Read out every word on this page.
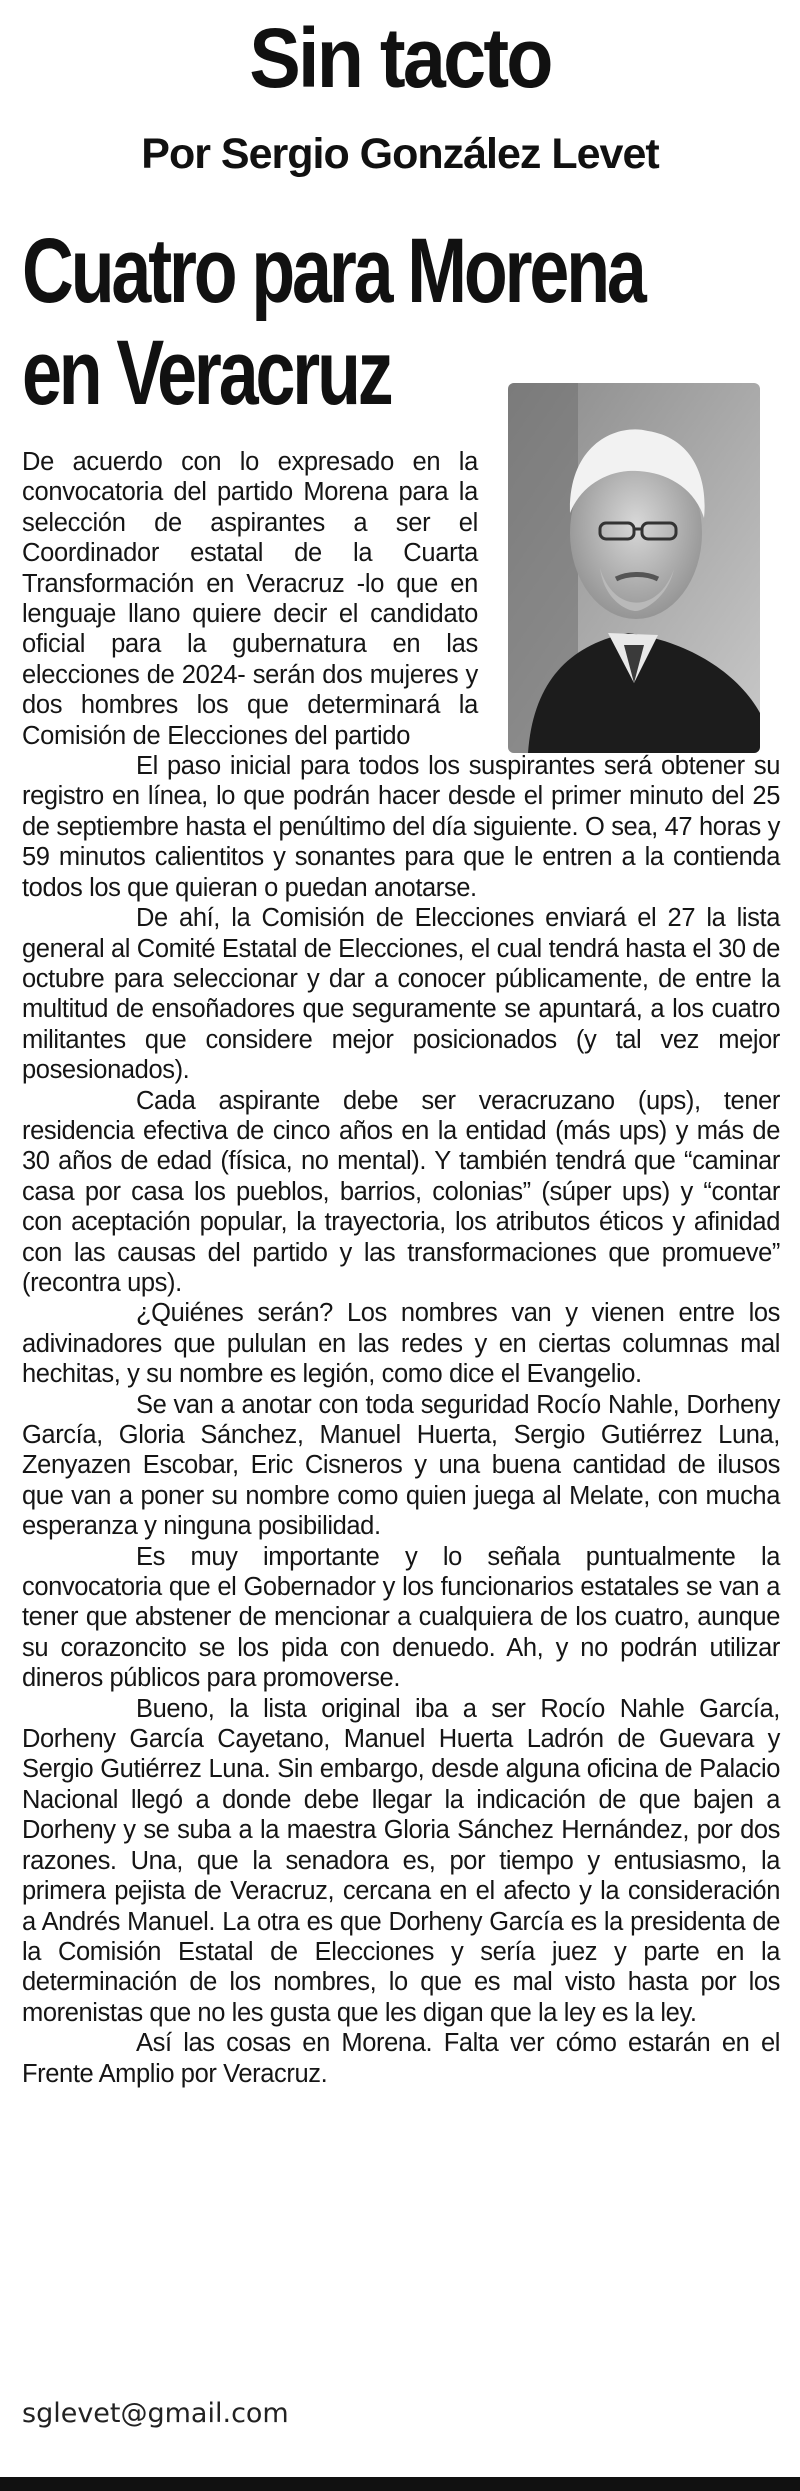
Sin tacto
Por Sergio González Levet
Cuatro para Morena
en Veracruz

De acuerdo con lo expresado en la convocatoria del partido Morena para la selección de aspirantes a ser el Coordinador estatal de la Cuarta Transformación en Veracruz -lo que en lenguaje llano quiere decir el candidato oficial para la gubernatura en las elecciones de 2024- serán dos mujeres y dos hombres los que determinará la Comisión de Elecciones del partido

El paso inicial para todos los suspirantes será obtener su registro en línea, lo que podrán hacer desde el primer minuto del 25 de septiembre hasta el penúltimo del día siguiente. O sea, 47 horas y 59 minutos calientitos y sonantes para que le entren a la contienda todos los que quieran o puedan anotarse.

De ahí, la Comisión de Elecciones enviará el 27 la lista general al Comité Estatal de Elecciones, el cual tendrá hasta el 30 de octubre para seleccionar y dar a conocer públicamente, de entre la multitud de ensoñadores que seguramente se apuntará, a los cuatro militantes que considere mejor posicionados (y tal vez mejor posesionados).

Cada aspirante debe ser veracruzano (ups), tener residencia efectiva de cinco años en la entidad (más ups) y más de 30 años de edad (física, no mental). Y también tendrá que “caminar casa por casa los pueblos, barrios, colonias” (súper ups) y “contar con aceptación popular, la trayectoria, los atributos éticos y afinidad con las causas del partido y las transformaciones que promueve” (recontra ups).

¿Quiénes serán? Los nombres van y vienen entre los adivinadores que pululan en las redes y en ciertas columnas mal hechitas, y su nombre es legión, como dice el Evangelio.

Se van a anotar con toda seguridad Rocío Nahle, Dorheny García, Gloria Sánchez, Manuel Huerta, Sergio Gutiérrez Luna, Zenyazen Escobar, Eric Cisneros y una buena cantidad de ilusos que van a poner su nombre como quien juega al Melate, con mucha esperanza y ninguna posibilidad.

Es muy importante y lo señala puntualmente la convocatoria que el Gobernador y los funcionarios estatales se van a tener que abstener de mencionar a cualquiera de los cuatro, aunque su corazoncito se los pida con denuedo. Ah, y no podrán utilizar dineros públicos para promoverse.

Bueno, la lista original iba a ser Rocío Nahle García, Dorheny García Cayetano, Manuel Huerta Ladrón de Guevara y Sergio Gutiérrez Luna. Sin embargo, desde alguna oficina de Palacio Nacional llegó a donde debe llegar la indicación de que bajen a Dorheny y se suba a la maestra Gloria Sánchez Hernández, por dos razones. Una, que la senadora es, por tiempo y entusiasmo, la primera pejista de Veracruz, cercana en el afecto y la consideración a Andrés Manuel. La otra es que Dorheny García es la presidenta de la Comisión Estatal de Elecciones y sería juez y parte en la determinación de los nombres, lo que es mal visto hasta por los morenistas que no les gusta que les digan que la ley es la ley.

Así las cosas en Morena. Falta ver cómo estarán en el Frente Amplio por Veracruz.

sglevet@gmail.com
